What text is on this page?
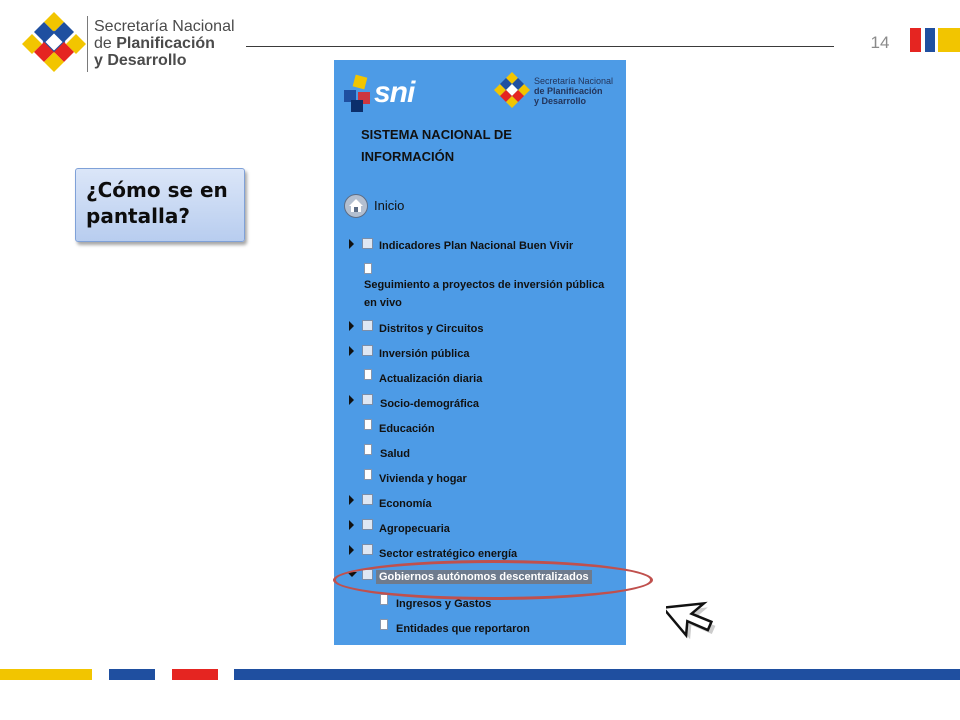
Secretaría Nacional
de Planificación
y Desarrollo
14
¿Cómo se en pantalla?
sni	Secretaría Nacional
de Planificación
y Desarrollo
SISTEMA NACIONAL DE
INFORMACIÓN
Inicio
Indicadores Plan Nacional Buen Vivir
Seguimiento a proyectos de inversión pública
en vivo
Distritos y Circuitos
Inversión pública
Actualización diaria
Socio-demográfica
Educación
Salud
Vivienda y hogar
Economía
Agropecuaria
Sector estratégico energía
Gobiernos autónomos descentralizados
Ingresos y Gastos
Entidades que reportaron
